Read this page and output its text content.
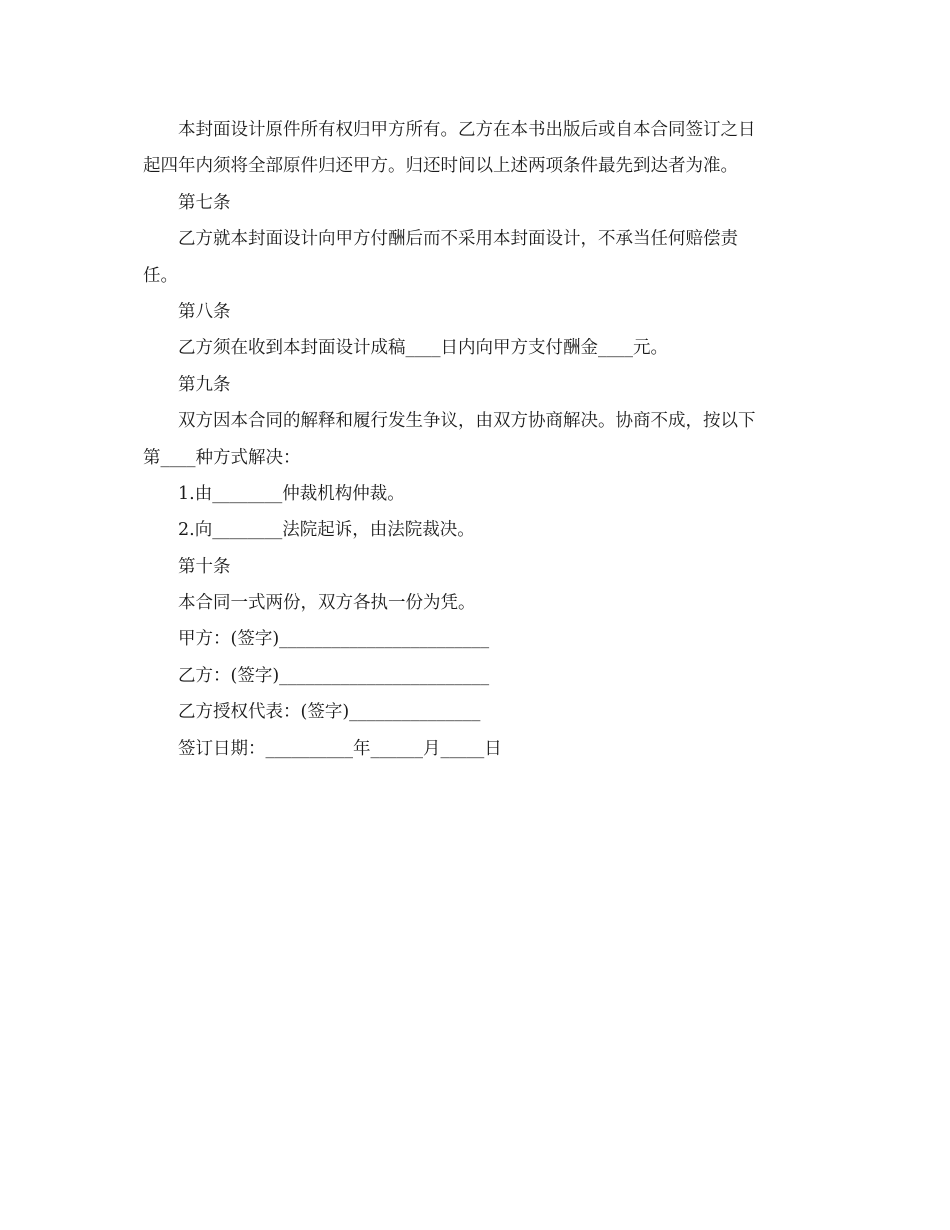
本封面设计原件所有权归甲方所有。乙方在本书出版后或自本合同签订之日
起四年内须将全部原件归还甲方。归还时间以上述两项条件最先到达者为准。
第七条
乙方就本封面设计向甲方付酬后而不采用本封面设计，不承当任何赔偿责
任。
第八条
乙方须在收到本封面设计成稿____日内向甲方支付酬金____元。
第九条
双方因本合同的解释和履行发生争议，由双方协商解决。协商不成，按以下
第____种方式解决：
1.由________仲裁机构仲裁。
2.向________法院起诉，由法院裁决。
第十条
本合同一式两份，双方各执一份为凭。
甲方：(签字)________________________
乙方：(签字)________________________
乙方授权代表：(签字)_______________
签订日期：__________年______月_____日
